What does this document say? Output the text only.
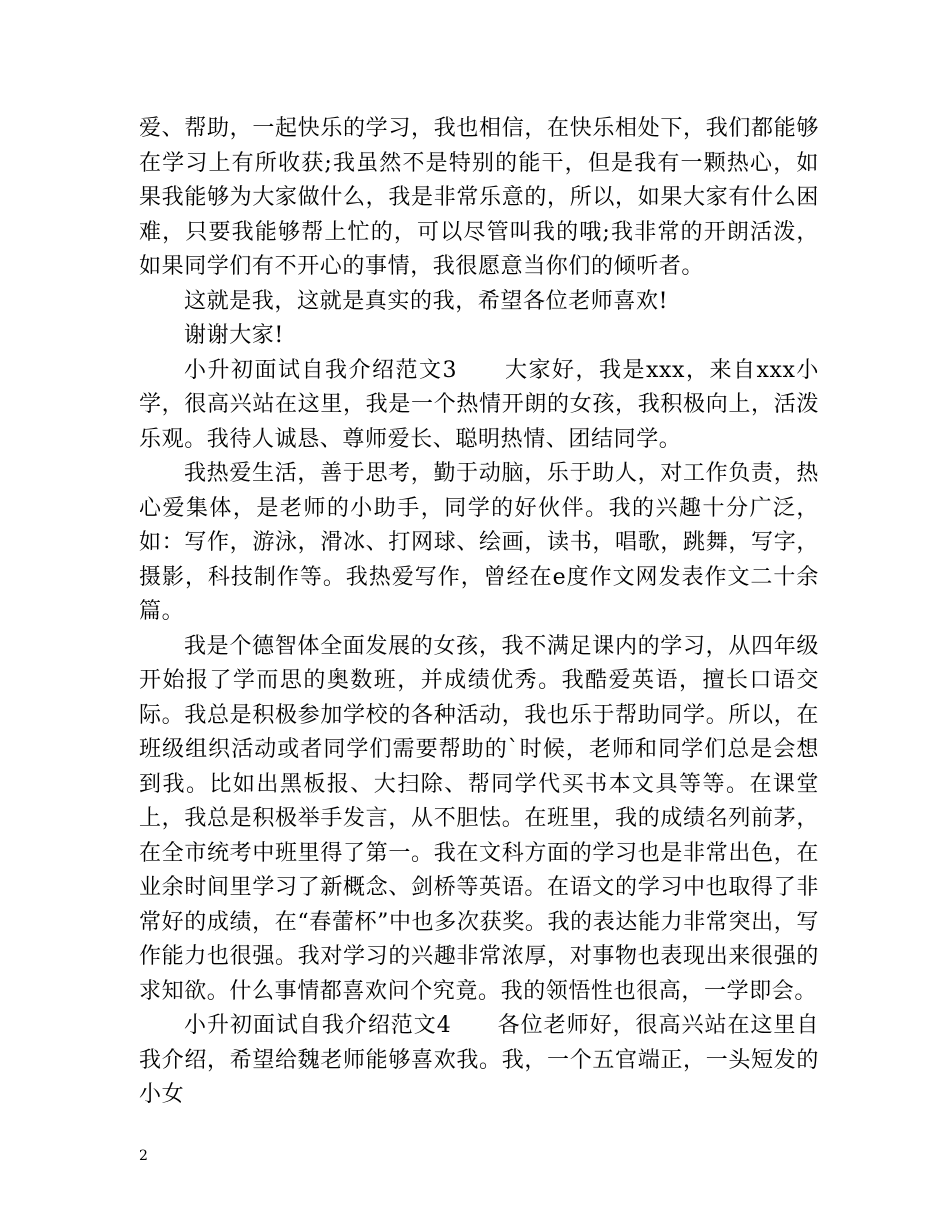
爱、帮助，一起快乐的学习，我也相信，在快乐相处下，我们都能够在学习上有所收获;我虽然不是特别的能干，但是我有一颗热心，如果我能够为大家做什么，我是非常乐意的，所以，如果大家有什么困难，只要我能够帮上忙的，可以尽管叫我的哦;我非常的开朗活泼，如果同学们有不开心的事情，我很愿意当你们的倾听者。

这就是我，这就是真实的我，希望各位老师喜欢!

谢谢大家!

小升初面试自我介绍范文3　　大家好，我是xxx，来自xxx小学，很高兴站在这里，我是一个热情开朗的女孩，我积极向上，活泼乐观。我待人诚恳、尊师爱长、聪明热情、团结同学。

我热爱生活，善于思考，勤于动脑，乐于助人，对工作负责，热心爱集体，是老师的小助手，同学的好伙伴。我的兴趣十分广泛，如：写作，游泳，滑冰、打网球、绘画，读书，唱歌，跳舞，写字，摄影，科技制作等。我热爱写作，曾经在e度作文网发表作文二十余篇。

我是个德智体全面发展的女孩，我不满足课内的学习，从四年级开始报了学而思的奥数班，并成绩优秀。我酷爱英语，擅长口语交际。我总是积极参加学校的各种活动，我也乐于帮助同学。所以，在班级组织活动或者同学们需要帮助的`时候，老师和同学们总是会想到我。比如出黑板报、大扫除、帮同学代买书本文具等等。在课堂上，我总是积极举手发言，从不胆怯。在班里，我的成绩名列前茅，在全市统考中班里得了第一。我在文科方面的学习也是非常出色，在业余时间里学习了新概念、剑桥等英语。在语文的学习中也取得了非常好的成绩，在“春蕾杯”中也多次获奖。我的表达能力非常突出，写作能力也很强。我对学习的兴趣非常浓厚，对事物也表现出来很强的求知欲。什么事情都喜欢问个究竟。我的领悟性也很高，一学即会。

小升初面试自我介绍范文4　　各位老师好，很高兴站在这里自我介绍，希望给魏老师能够喜欢我。我，一个五官端正，一头短发的小女

2
